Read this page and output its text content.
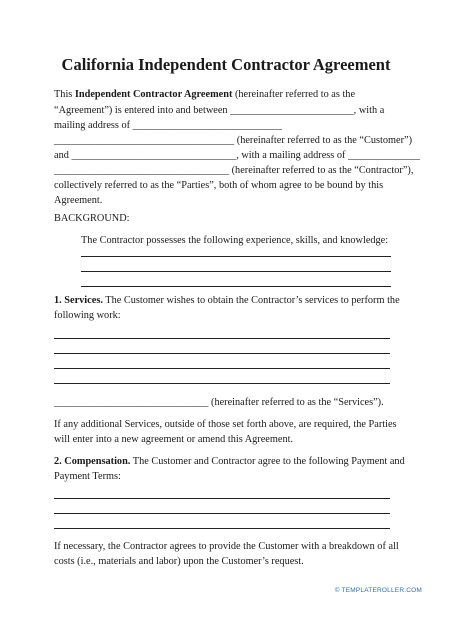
California Independent Contractor Agreement
This Independent Contractor Agreement (hereinafter referred to as the
“Agreement”) is entered into and between ________________________, with a
mailing address of _____________________________
___________________________________ (hereinafter referred to as the “Customer”)
and ________________________________, with a mailing address of ______________
__________________________________ (hereinafter referred to as the “Contractor”),
collectively referred to as the “Parties”, both of whom agree to be bound by this
Agreement.
BACKGROUND:
The Contractor possesses the following experience, skills, and knowledge:
1. Services. The Customer wishes to obtain the Contractor’s services to perform the
following work:
______________________________ (hereinafter referred to as the “Services”).
If any additional Services, outside of those set forth above, are required, the Parties
will enter into a new agreement or amend this Agreement.
2. Compensation. The Customer and Contractor agree to the following Payment and
Payment Terms:
If necessary, the Contractor agrees to provide the Customer with a breakdown of all
costs (i.e., materials and labor) upon the Customer’s request.
© TEMPLATEROLLER.COM
